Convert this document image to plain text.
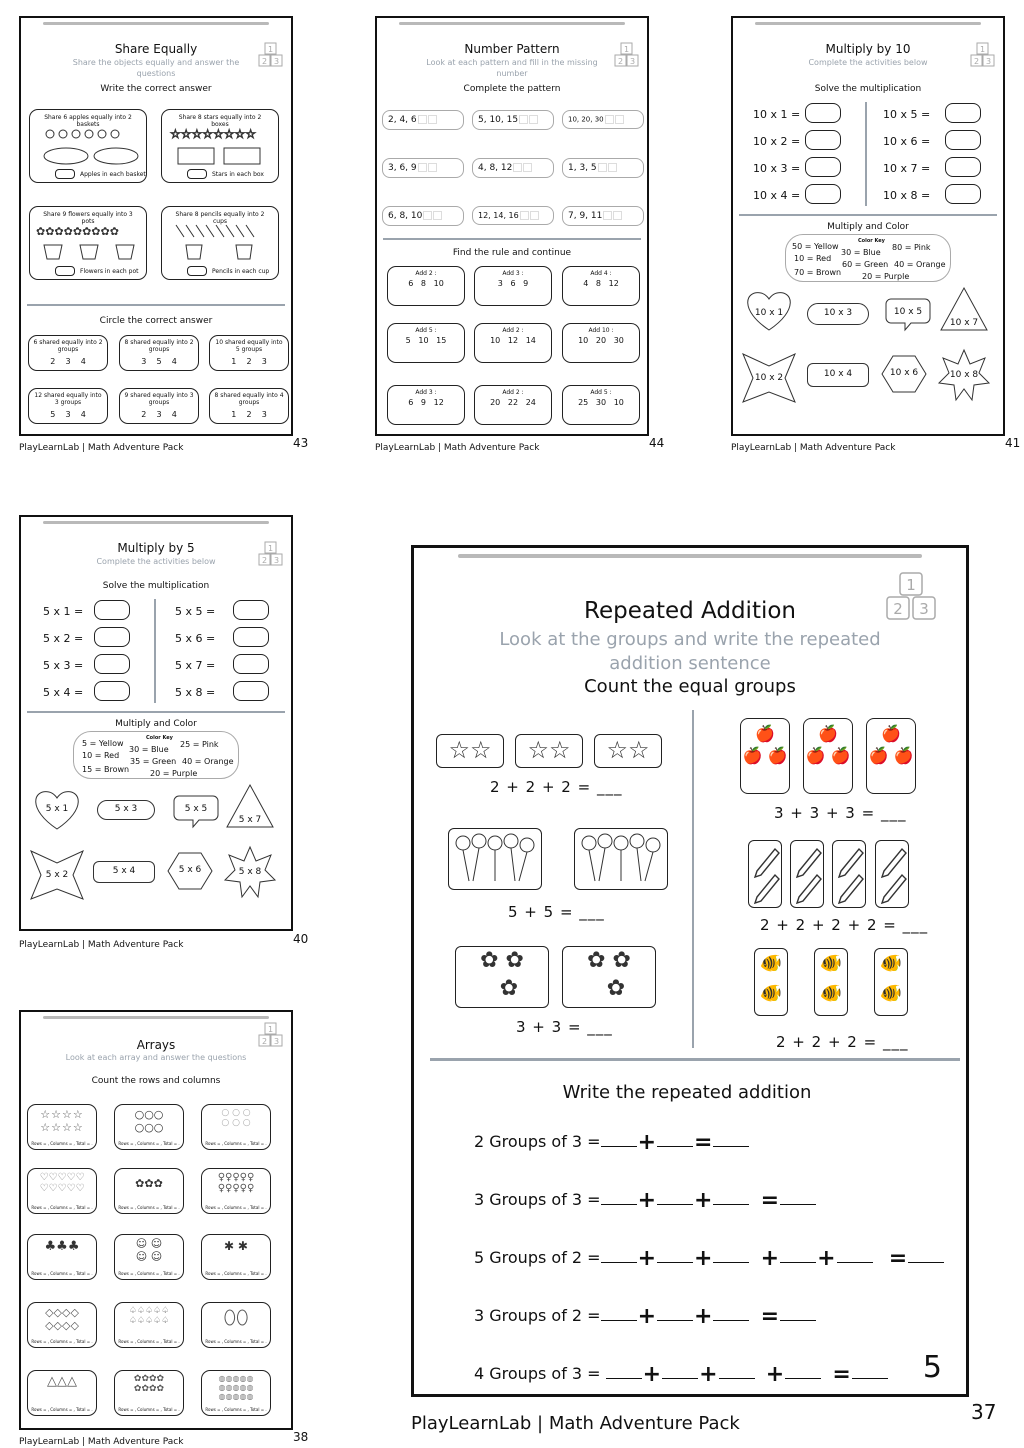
1
2 3
Share Equally
Share the objects equally and answer the questions
Write the correct answer
Share 6 apples equally into 2 baskets
Apples in each basket
Share 8 stars equally into 2 boxes
☆☆☆☆☆☆☆☆
Stars in each box
Share 9 flowers equally into 3 pots
✿✿✿✿✿✿✿✿✿
Flowers in each pot
Share 8 pencils equally into 2 cups
Pencils in each cup
Circle the correct answer
6 shared equally into 2 groups
2    3    4
8 shared equally into 2 groups
3    5    4
10 shared equally into 5 groups
1    2    3
12 shared equally into 3 groups
5    3    4
9 shared equally into 3 groups
2    3    4
8 shared equally into 4 groups
1    2    3
PlayLearnLab | Math Adventure Pack	43
1
2 3
Number Pattern
Look at each pattern and fill in the missing number
Complete the pattern
2, 4, 6	5, 10, 15	10, 20, 30
3, 6, 9	4, 8, 12	1, 3, 5
6, 8, 10	12, 14, 16	7, 9, 11
Find the rule and continue
Add 2 :
6   8   10
Add 3 :
3   6   9
Add 4 :
4   8   12
Add 5 :
5   10   15
Add 2 :
10   12   14
Add 10 :
10   20   30
Add 3 :
6   9   12
Add 2 :
20   22   24
Add 5 :
25   30   10
PlayLearnLab | Math Adventure Pack	44
1
2 3
Multiply by 10
Complete the activities below
Solve the multiplication
10 x 1 =
10 x 2 =
10 x 3 =
10 x 4 =
10 x 5 =
10 x 6 =
10 x 7 =
10 x 8 =
Multiply and Color
Color Key
50 = Yellow
30 = Blue
80 = Pink
10 = Red
60 = Green 40 = Orange
70 = Brown	20 = Purple
10 x 1	10 x 3	10 x 5
10 x 7
10 x 2	10 x 4	10 x 6	10 x 8
PlayLearnLab | Math Adventure Pack	41
1
2 3
Multiply by 5
Complete the activities below
Solve the multiplication
5 x 1 =
5 x 2 =
5 x 3 =
5 x 4 =
5 x 5 =
5 x 6 =
5 x 7 =
5 x 8 =
Multiply and Color
Color Key
5 = Yellow
30 = Blue
25 = Pink
10 = Red
35 = Green 40 = Orange
15 = Brown	20 = Purple
5 x 1	5 x 3	5 x 5
5 x 7
5 x 2	5 x 4	5 x 6	5 x 8
PlayLearnLab | Math Adventure Pack	40
1
2 3
Arrays
Look at each array and answer the questions
Count the rows and columns
☆☆☆☆
☆☆☆☆
Rows = , Columns = , Total = .
○○○
○○○
Rows = , Columns = , Total = .
○ ○ ○
○ ○ ○
Rows = , Columns = , Total = .
♡♡♡♡♡
♡♡♡♡♡
Rows = , Columns = , Total = .
✿✿✿
Rows = , Columns = , Total = .
♀♀♀♀♀
♀♀♀♀♀
Rows = , Columns = , Total = .
♣♣♣
Rows = , Columns = , Total = .
☺ ☺
☺ ☺
Rows = , Columns = , Total = .
✱ ✱
Rows = , Columns = , Total = .
◇◇◇◇
◇◇◇◇
Rows = , Columns = , Total = .
♤♤♤♤♤
♤♤♤♤♤
Rows = , Columns = , Total = .
⬯⬯
Rows = , Columns = , Total = .
△△△
Rows = , Columns = , Total = .
✿✿✿✿
✿✿✿✿
Rows = , Columns = , Total = .
◍◍◍◍◍
◍◍◍◍◍
◍◍◍◍◍
Rows = , Columns = , Total = .
PlayLearnLab | Math Adventure Pack	38
1
2 3
Repeated Addition
Look at the groups and write the repeated addition sentence
Count the equal groups
☆☆	☆☆	☆☆
2 + 2 + 2 = ___
5 + 5 = ___
✿ ✿
✿
✿ ✿
✿
3 + 3 = ___
🍎
🍎 🍎
🍎
🍎 🍎
🍎
🍎 🍎
3 + 3 + 3 = ___
2 + 2 + 2 + 2 = ___
🐠
🐠
🐠
🐠
🐠
🐠
2 + 2 + 2 = ___
Write the repeated addition
2 Groups of 3 = + =
3 Groups of 3 = + + =
5 Groups of 2 = + + + + =
3 Groups of 2 = + + =
4 Groups of 3 = + + + =	5
PlayLearnLab | Math Adventure Pack	37
